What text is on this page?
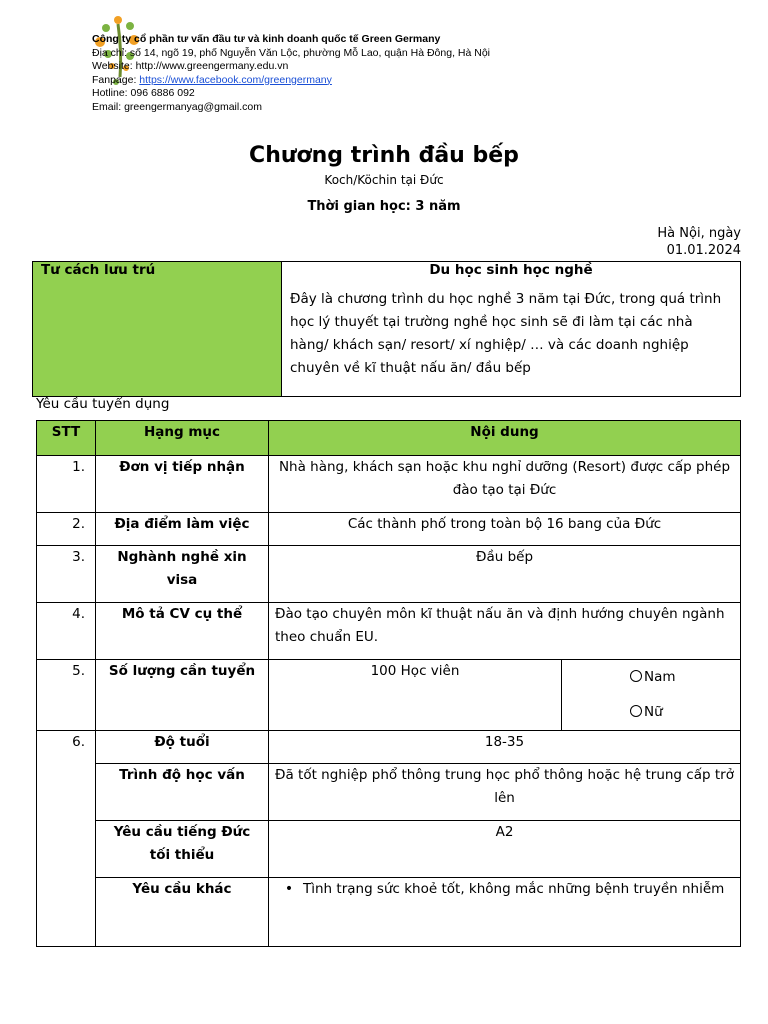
Công ty cổ phần tư vấn đầu tư và kinh doanh quốc tế Green Germany
Địa chỉ: số 14, ngõ 19, phố Nguyễn Văn Lộc, phường Mỗ Lao, quận Hà Đông, Hà Nội
Website: http://www.greengermany.edu.vn
Fanpage: https://www.facebook.com/greengermany
Hotline: 096 6886 092
Email: greengermanyag@gmail.com
Chương trình đầu bếp
Koch/Köchin tại Đức
Thời gian học: 3 năm
Hà Nội, ngày
01.01.2024
Tư cách lưu trú	Du học sinh học nghề
Đây là chương trình du học nghề 3 năm tại Đức, trong quá trình học lý thuyết tại trường nghề học sinh sẽ đi làm tại các nhà hàng/ khách sạn/ resort/ xí nghiệp/ … và các doanh nghiệp chuyên về kĩ thuật nấu ăn/ đầu bếp
Yêu cầu tuyển dụng
STT	Hạng mục	Nội dung	
1.	Đơn vị tiếp nhận	Nhà hàng, khách sạn hoặc khu nghỉ dưỡng (Resort) được cấp phép đào tạo tại Đức	
2.	Địa điểm làm việc	Các thành phố trong toàn bộ 16 bang của Đức	
3.	Nghành nghề xin visa	Đầu bếp	
4.	Mô tả CV cụ thể	Đào tạo chuyên môn kĩ thuật nấu ăn và định hướng chuyên ngành theo chuẩn EU.	
5.	Số lượng cần tuyển	100 Học viên	Nam
Nữ

6.	Độ tuổi	18-35	
	Trình độ học vấn	Đã tốt nghiệp phổ thông trung học phổ thông hoặc hệ trung cấp trở lên	
	Yêu cầu tiếng Đức tối thiểu	A2	
	Yêu cầu khác	• Tình trạng sức khoẻ tốt, không mắc những bệnh truyền nhiễm	
